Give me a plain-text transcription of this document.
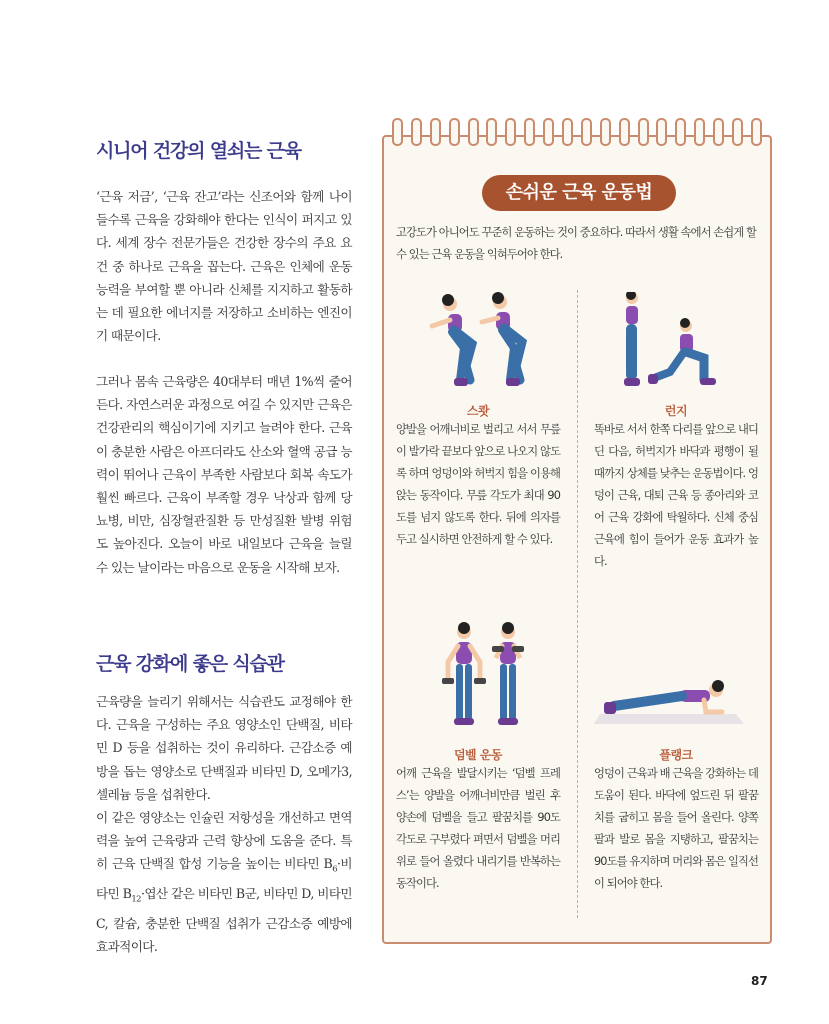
시니어 건강의 열쇠는 근육

‘근육 저금’, ‘근육 잔고’라는 신조어와 함께 나이 들수록 근육을 강화해야 한다는 인식이 퍼지고 있다. 세계 장수 전문가들은 건강한 장수의 주요 요건 중 하나로 근육을 꼽는다. 근육은 인체에 운동 능력을 부여할 뿐 아니라 신체를 지지하고 활동하는 데 필요한 에너지를 저장하고 소비하는 엔진이기 때문이다.

그러나 몸속 근육량은 40대부터 매년 1%씩 줄어든다. 자연스러운 과정으로 여길 수 있지만 근육은 건강관리의 핵심이기에 지키고 늘려야 한다. 근육이 충분한 사람은 아프더라도 산소와 혈액 공급 능력이 뛰어나 근육이 부족한 사람보다 회복 속도가 훨씬 빠르다. 근육이 부족할 경우 낙상과 함께 당뇨병, 비만, 심장혈관질환 등 만성질환 발병 위험도 높아진다. 오늘이 바로 내일보다 근육을 늘릴 수 있는 날이라는 마음으로 운동을 시작해 보자.

근육 강화에 좋은 식습관

근육량을 늘리기 위해서는 식습관도 교정해야 한다. 근육을 구성하는 주요 영양소인 단백질, 비타민 D 등을 섭취하는 것이 유리하다. 근감소증 예방을 돕는 영양소로 단백질과 비타민 D, 오메가3, 셀레늄 등을 섭취한다.

이 같은 영양소는 인슐린 저항성을 개선하고 면역력을 높여 근육량과 근력 향상에 도움을 준다. 특히 근육 단백질 합성 기능을 높이는 비타민 $B_6\cdot$비타민 $B_{12}\cdot$엽산 같은 비타민 B군, 비타민 D, 비타민 C, 칼슘, 충분한 단백질 섭취가 근감소증 예방에 효과적이다.

손쉬운 근육 운동법

고강도가 아니어도 꾸준히 운동하는 것이 중요하다. 따라서 생활 속에서 손쉽게 할 수 있는 근육 운동을 익혀두어야 한다.

스쾃

양발을 어깨너비로 벌리고 서서 무릎이 발가락 끝보다 앞으로 나오지 않도록 하며 엉덩이와 허벅지 힘을 이용해 앉는 동작이다. 무릎 각도가 최대 90도를 넘지 않도록 한다. 뒤에 의자를 두고 실시하면 안전하게 할 수 있다.

런지

똑바로 서서 한쪽 다리를 앞으로 내디딘 다음, 허벅지가 바닥과 평행이 될 때까지 상체를 낮추는 운동법이다. 엉덩이 근육, 대퇴 근육 등 종아리와 코어 근육 강화에 탁월하다. 신체 중심 근육에 힘이 들어가 운동 효과가 높다.

덤벨 운동

어깨 근육을 발달시키는 ‘덤벨 프레스’는 양발을 어깨너비만큼 벌린 후 양손에 덤벨을 들고 팔꿈치를 90도 각도로 구부렸다 펴면서 덤벨을 머리 위로 들어 올렸다 내리기를 반복하는 동작이다.

플랭크

엉덩이 근육과 배 근육을 강화하는 데 도움이 된다. 바닥에 엎드린 뒤 팔꿈치를 굽히고 몸을 들어 올린다. 양쪽 팔과 발로 몸을 지탱하고, 팔꿈치는 90도를 유지하며 머리와 몸은 일직선이 되어야 한다.

87
